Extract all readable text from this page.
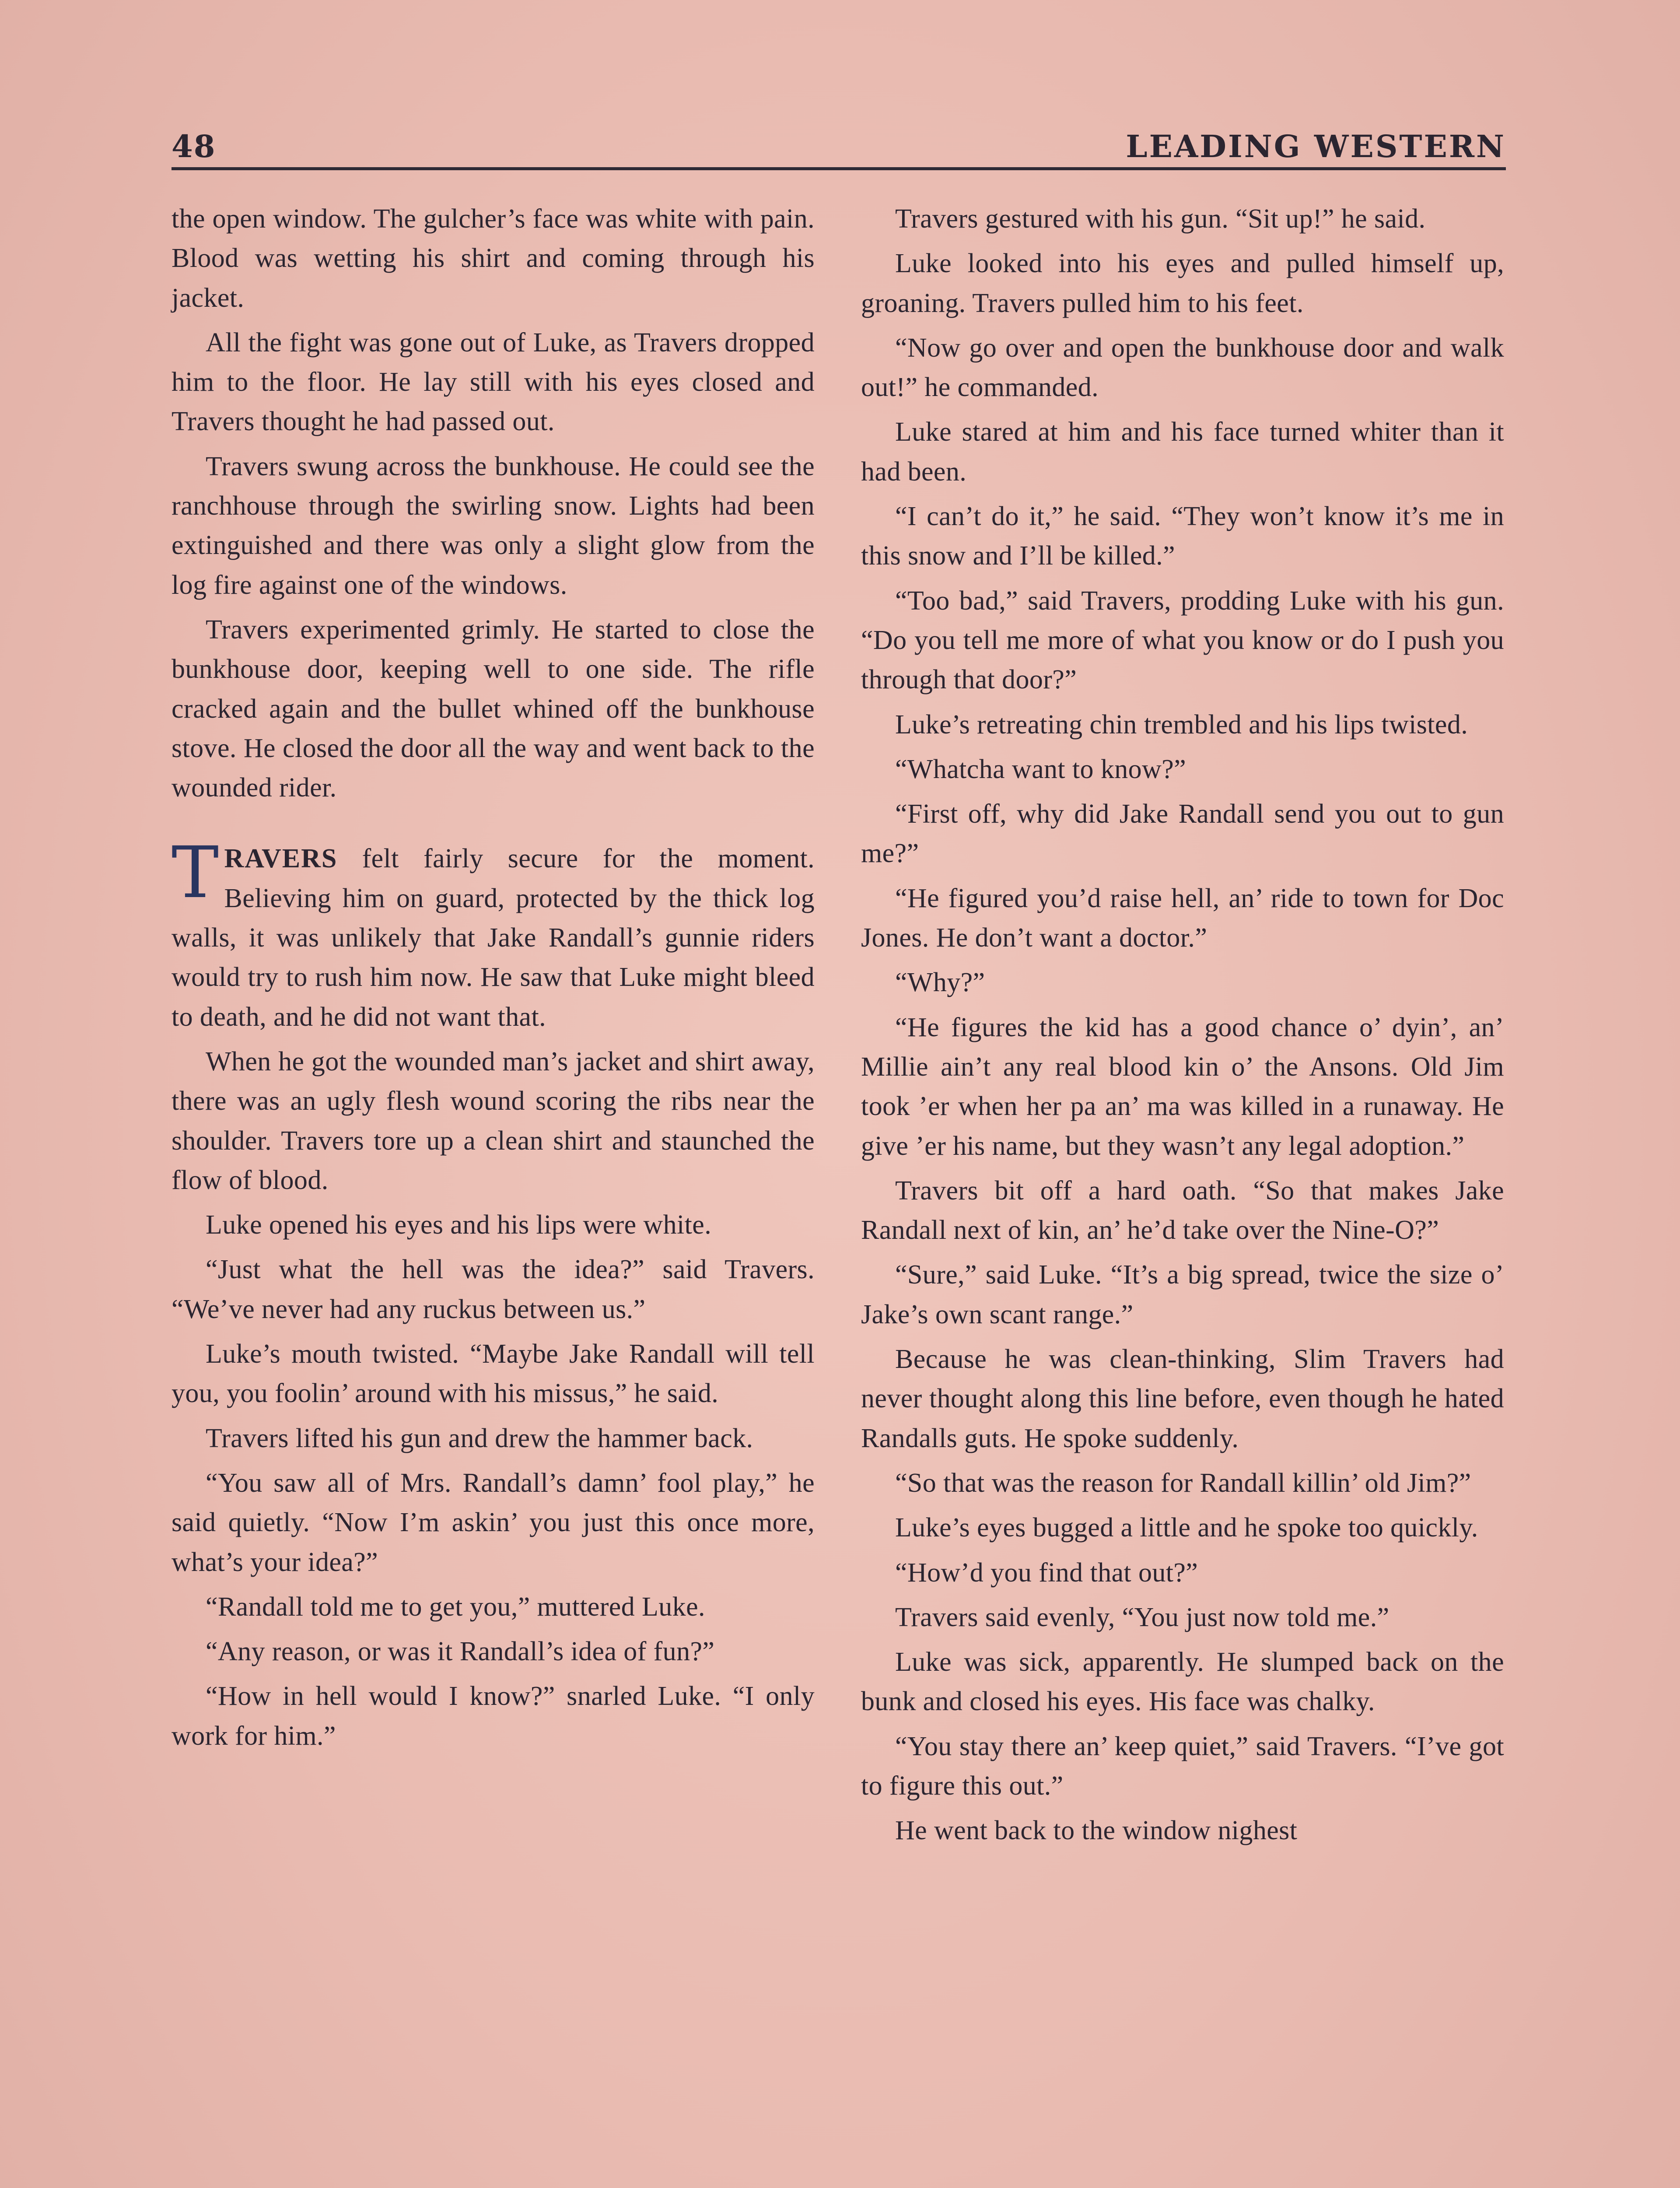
48	LEADING WESTERN

the open window. The gulcher’s face was white with pain. Blood was wetting his shirt and coming through his jacket.

All the fight was gone out of Luke, as Travers dropped him to the floor. He lay still with his eyes closed and Travers thought he had passed out.

Travers swung across the bunkhouse. He could see the ranchhouse through the swirling snow. Lights had been extinguished and there was only a slight glow from the log fire against one of the windows.

Travers experimented grimly. He started to close the bunkhouse door, keeping well to one side. The rifle cracked again and the bullet whined off the bunkhouse stove. He closed the door all the way and went back to the wounded rider.

TRAVERS felt fairly secure for the moment. Believing him on guard, protected by the thick log walls, it was unlikely that Jake Randall’s gunnie riders would try to rush him now. He saw that Luke might bleed to death, and he did not want that.

When he got the wounded man’s jacket and shirt away, there was an ugly flesh wound scoring the ribs near the shoulder. Travers tore up a clean shirt and staunched the flow of blood.

Luke opened his eyes and his lips were white.

“Just what the hell was the idea?” said Travers. “We’ve never had any ruckus between us.”

Luke’s mouth twisted. “Maybe Jake Randall will tell you, you foolin’ around with his missus,” he said.

Travers lifted his gun and drew the hammer back.

“You saw all of Mrs. Randall’s damn’ fool play,” he said quietly. “Now I’m askin’ you just this once more, what’s your idea?”

“Randall told me to get you,” muttered Luke.

“Any reason, or was it Randall’s idea of fun?”

“How in hell would I know?” snarled Luke. “I only work for him.”

Travers gestured with his gun. “Sit up!” he said.

Luke looked into his eyes and pulled himself up, groaning. Travers pulled him to his feet.

“Now go over and open the bunkhouse door and walk out!” he commanded.

Luke stared at him and his face turned whiter than it had been.

“I can’t do it,” he said. “They won’t know it’s me in this snow and I’ll be killed.”

“Too bad,” said Travers, prodding Luke with his gun. “Do you tell me more of what you know or do I push you through that door?”

Luke’s retreating chin trembled and his lips twisted.

“Whatcha want to know?”

“First off, why did Jake Randall send you out to gun me?”

“He figured you’d raise hell, an’ ride to town for Doc Jones. He don’t want a doctor.”

“Why?”

“He figures the kid has a good chance o’ dyin’, an’ Millie ain’t any real blood kin o’ the Ansons. Old Jim took ’er when her pa an’ ma was killed in a runaway. He give ’er his name, but they wasn’t any legal adoption.”

Travers bit off a hard oath. “So that makes Jake Randall next of kin, an’ he’d take over the Nine-O?”

“Sure,” said Luke. “It’s a big spread, twice the size o’ Jake’s own scant range.”

Because he was clean-thinking, Slim Travers had never thought along this line before, even though he hated Randalls guts. He spoke suddenly.

“So that was the reason for Randall killin’ old Jim?”

Luke’s eyes bugged a little and he spoke too quickly.

“How’d you find that out?”

Travers said evenly, “You just now told me.”

Luke was sick, apparently. He slumped back on the bunk and closed his eyes. His face was chalky.

“You stay there an’ keep quiet,” said Travers. “I’ve got to figure this out.”

He went back to the window nighest
